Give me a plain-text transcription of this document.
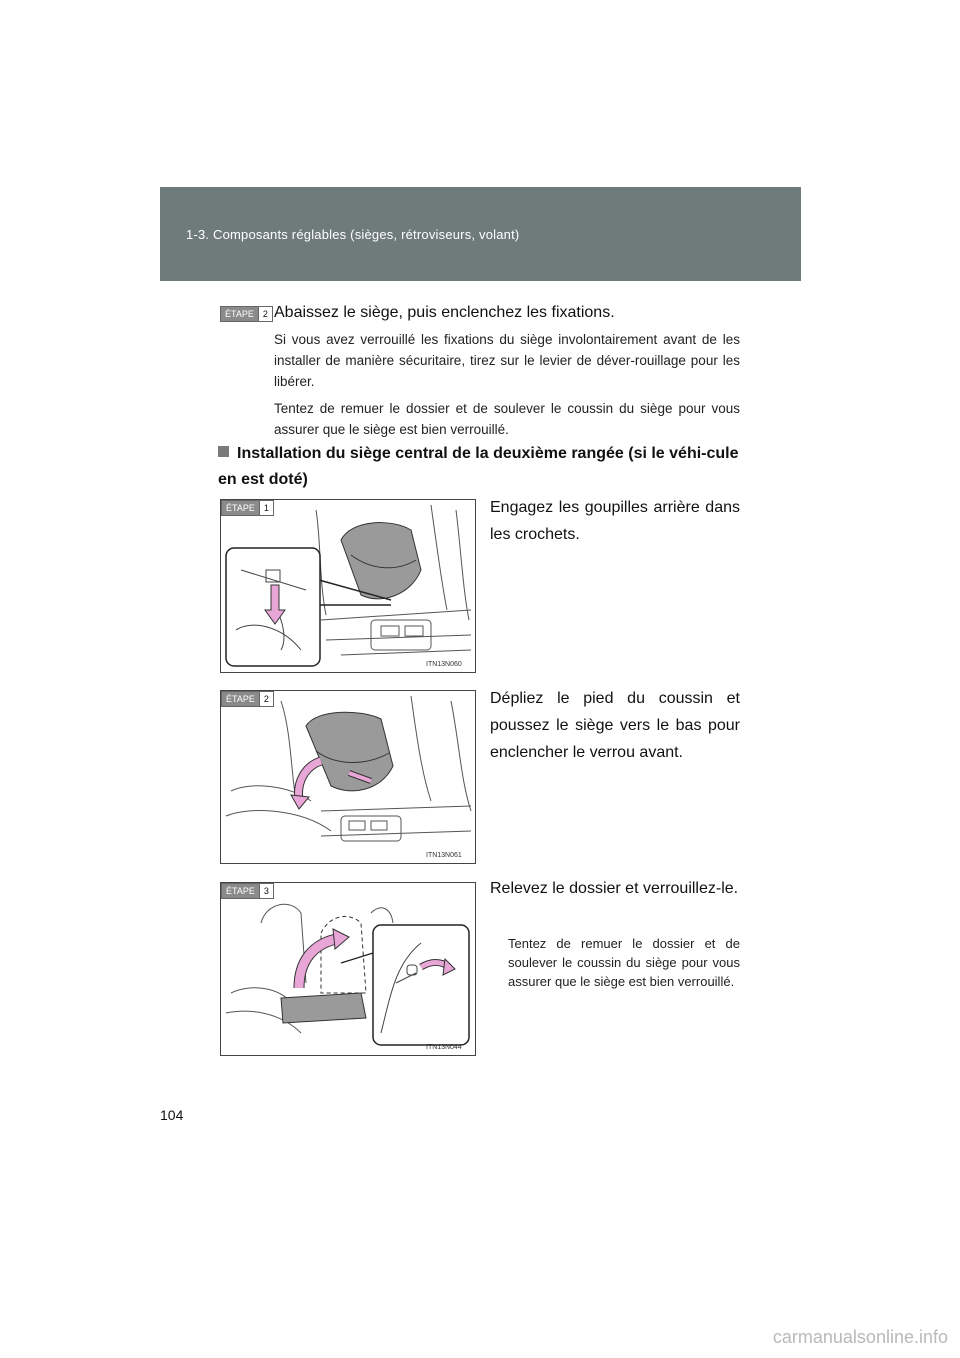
1-3. Composants réglables (sièges, rétroviseurs, volant)
ÉTAPE	2 Abaissez le siège, puis enclenchez les fixations.
Si vous avez verrouillé les fixations du siège involontairement avant de les installer de manière sécuritaire, tirez sur le levier de déver-rouillage pour les libérer.
Tentez de remuer le dossier et de soulever le coussin du siège pour vous assurer que le siège est bien verrouillé.
Installation du siège central de la deuxième rangée (si le véhi-cule en est doté)
ITN13N060
ÉTAPE	1	Engagez les goupilles arrière dans les crochets.
ITN13N061
ÉTAPE	2	Dépliez le pied du coussin et poussez le siège vers le bas pour enclencher le verrou avant.
ITN13N044
ÉTAPE	3	Relevez le dossier et verrouillez-le.
Tentez de remuer le dossier et de soulever le coussin du siège pour vous assurer que le siège est bien verrouillé.
104
carmanualsonline.info
